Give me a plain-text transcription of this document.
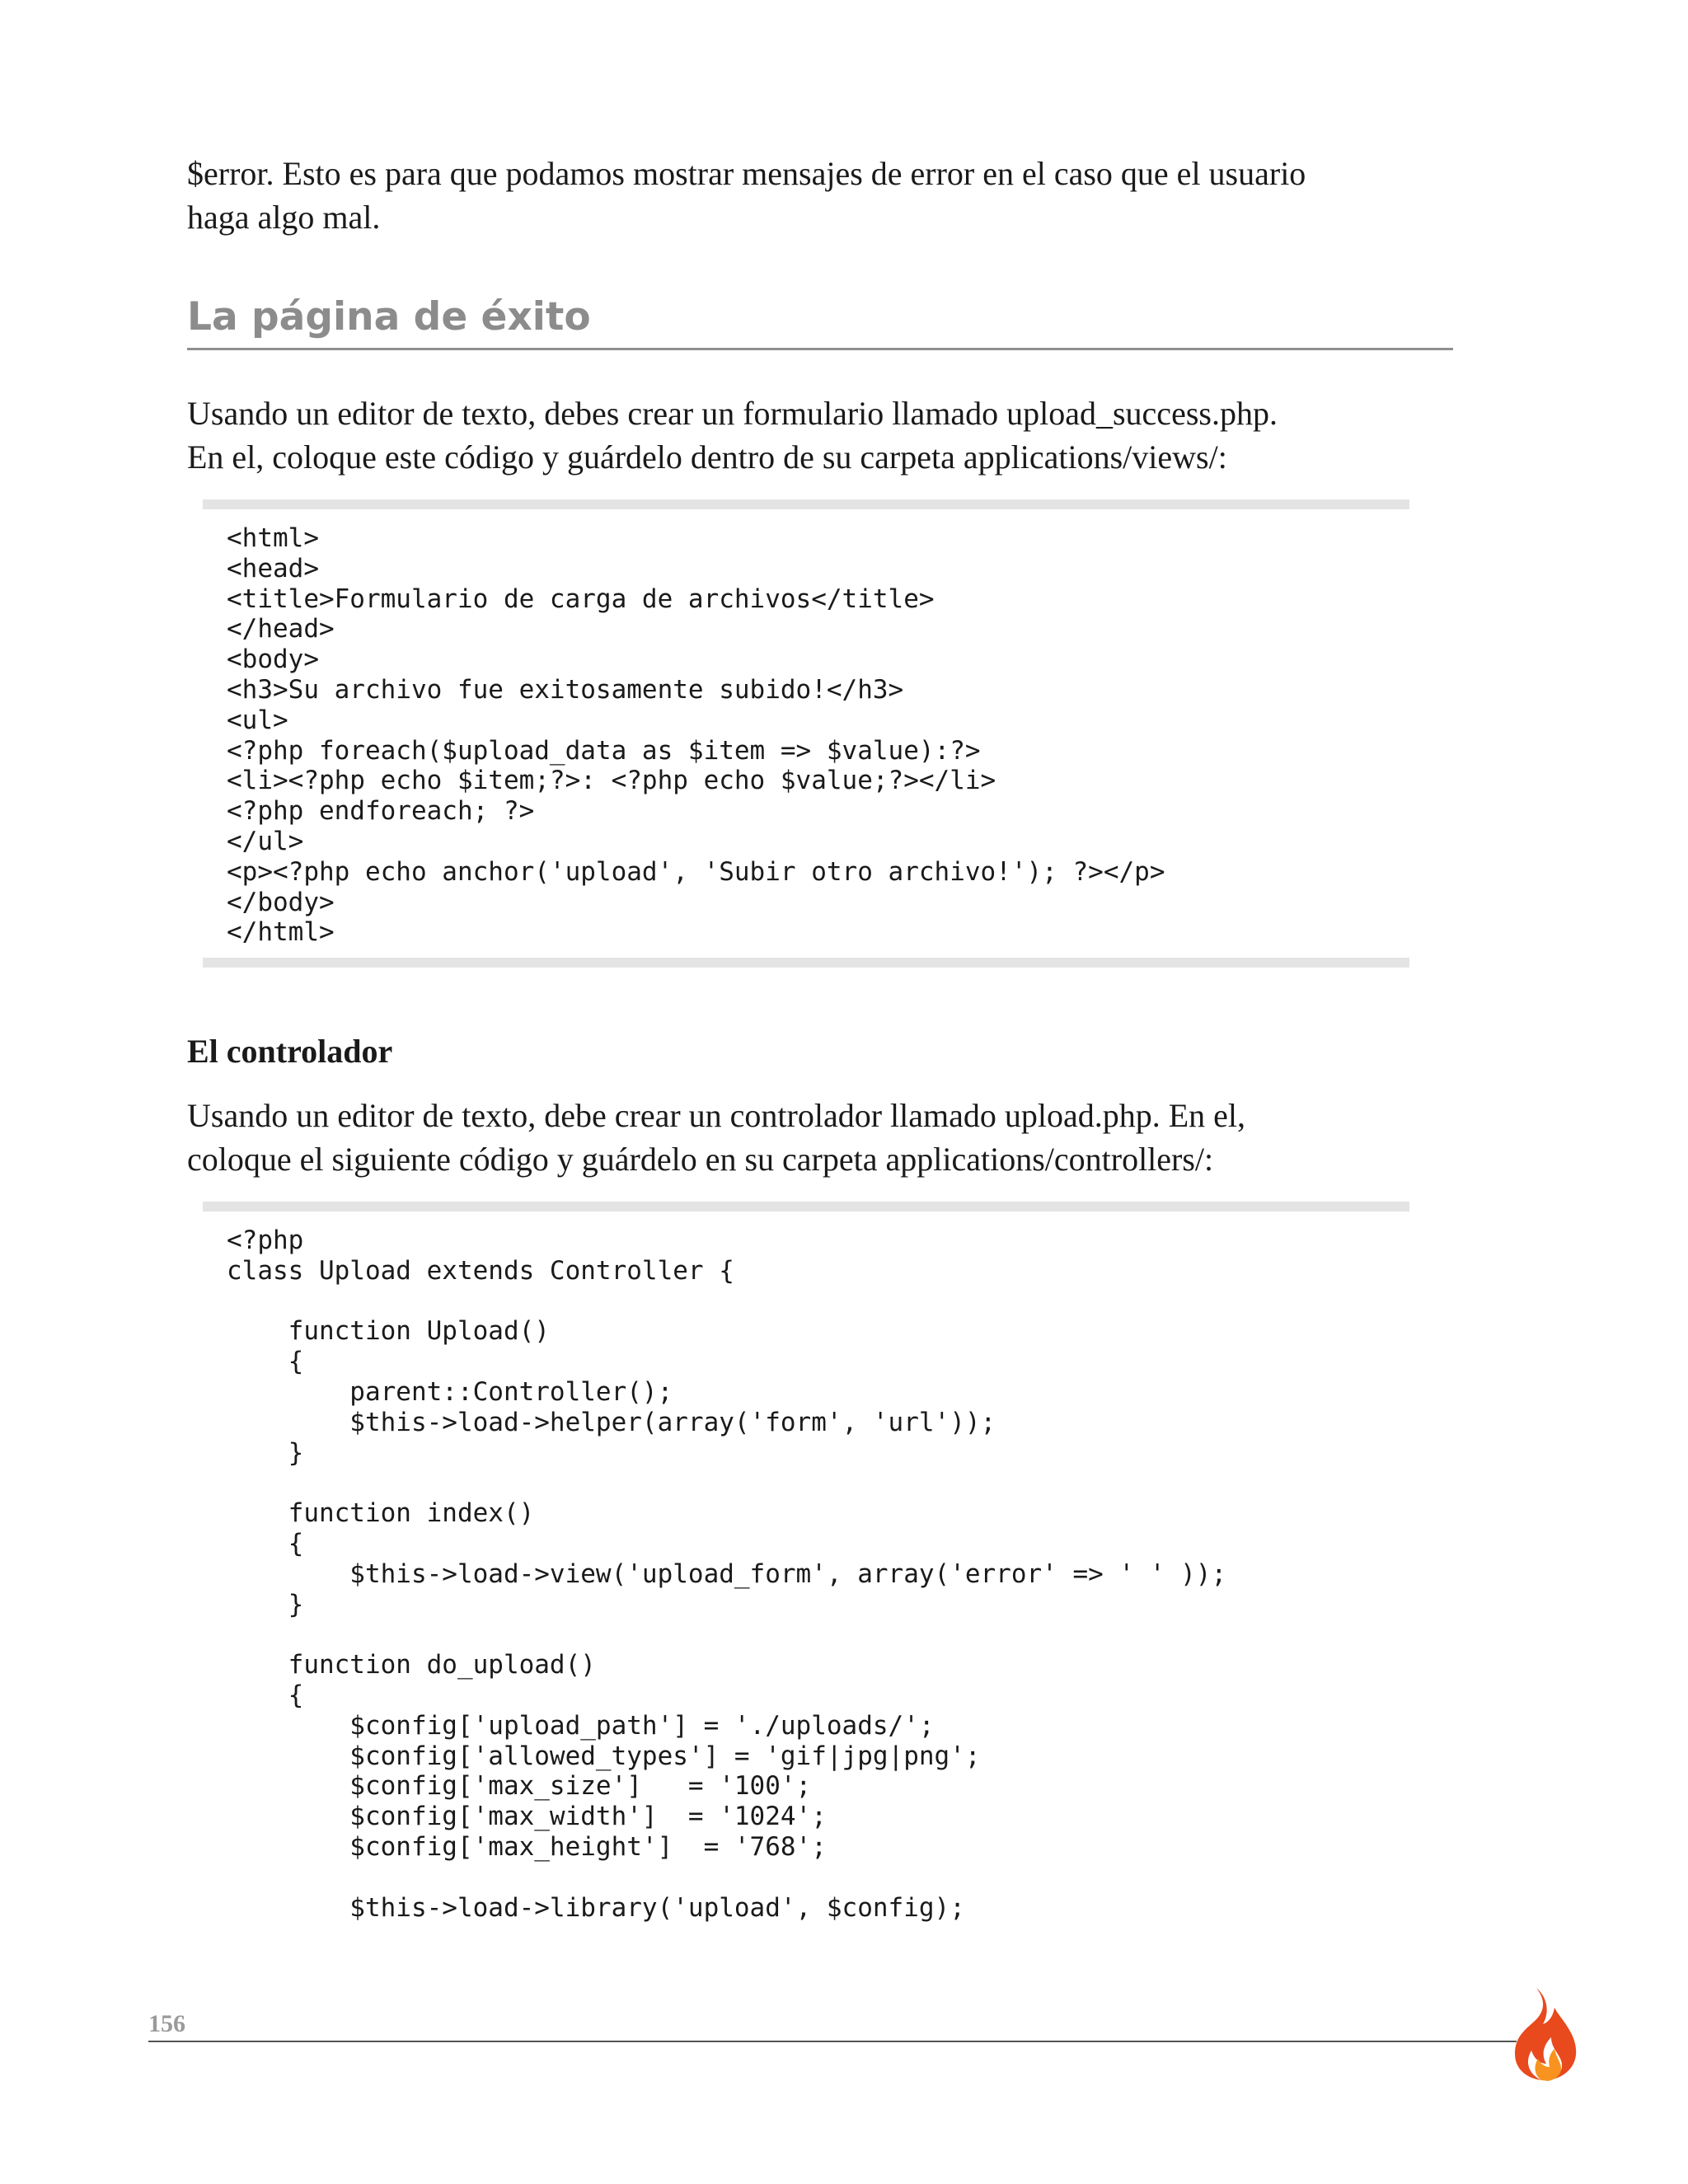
$error. Esto es para que podamos mostrar mensajes de error en el caso que el usuario
haga algo mal.
La página de éxito
Usando un editor de texto, debes crear un formulario llamado upload_success.php.
En el, coloque este código y guárdelo dentro de su carpeta applications/views/:
<html>
<head>
<title>Formulario de carga de archivos</title>
</head>
<body>
<h3>Su archivo fue exitosamente subido!</h3>
<ul>
<?php foreach($upload_data as $item => $value):?>
<li><?php echo $item;?>: <?php echo $value;?></li>
<?php endforeach; ?>
</ul>
<p><?php echo anchor('upload', 'Subir otro archivo!'); ?></p>
</body>
</html>
El controlador
Usando un editor de texto, debe crear un controlador llamado upload.php. En el,
coloque el siguiente código y guárdelo en su carpeta applications/controllers/:
<?php
class Upload extends Controller {
function Upload()
{
parent::Controller();
$this->load->helper(array('form', 'url'));
}
function index()
{
$this->load->view('upload_form', array('error' => ' ' ));
}
function do_upload()
{
$config['upload_path'] = './uploads/';
$config['allowed_types'] = 'gif|jpg|png';
$config['max_size']   = '100';
$config['max_width']  = '1024';
$config['max_height']  = '768';
$this->load->library('upload', $config);
156
